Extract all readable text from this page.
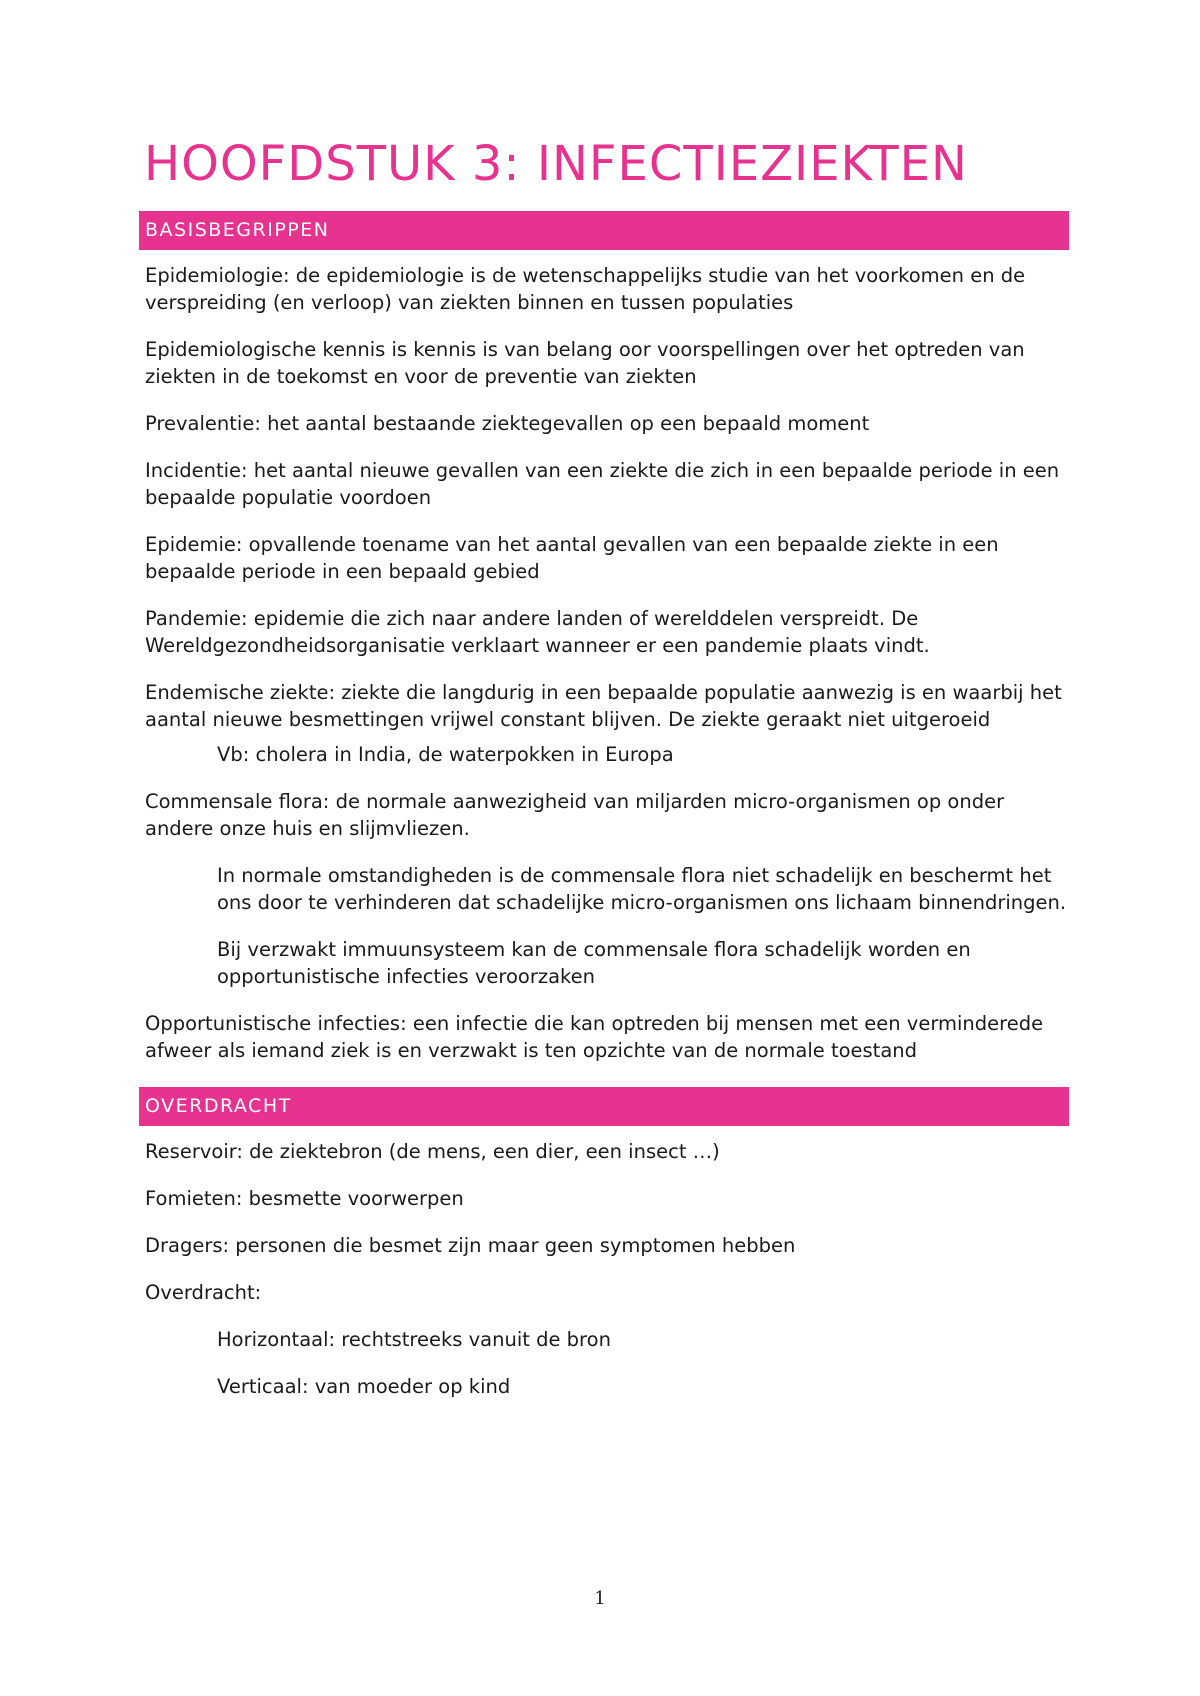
HOOFDSTUK 3: INFECTIEZIEKTEN
BASISBEGRIPPEN

Epidemiologie: de epidemiologie is de wetenschappelijks studie van het voorkomen en de verspreiding (en verloop) van ziekten binnen en tussen populaties

Epidemiologische kennis is kennis is van belang oor voorspellingen over het optreden van ziekten in de toekomst en voor de preventie van ziekten

Prevalentie: het aantal bestaande ziektegevallen op een bepaald moment

Incidentie: het aantal nieuwe gevallen van een ziekte die zich in een bepaalde periode in een bepaalde populatie voordoen

Epidemie: opvallende toename van het aantal gevallen van een bepaalde ziekte in een bepaalde periode in een bepaald gebied

Pandemie: epidemie die zich naar andere landen of werelddelen verspreidt. De Wereldgezondheidsorganisatie verklaart wanneer er een pandemie plaats vindt.

Endemische ziekte: ziekte die langdurig in een bepaalde populatie aanwezig is en waarbij het aantal nieuwe besmettingen vrijwel constant blijven. De ziekte geraakt niet uitgeroeid

Vb: cholera in India, de waterpokken in Europa

Commensale flora: de normale aanwezigheid van miljarden micro-organismen op onder andere onze huis en slijmvliezen.

In normale omstandigheden is de commensale flora niet schadelijk en beschermt het ons door te verhinderen dat schadelijke micro-organismen ons lichaam binnendringen.

Bij verzwakt immuunsysteem kan de commensale flora schadelijk worden en opportunistische infecties veroorzaken

Opportunistische infecties: een infectie die kan optreden bij mensen met een verminderede afweer als iemand ziek is en verzwakt is ten opzichte van de normale toestand

OVERDRACHT

Reservoir: de ziektebron (de mens, een dier, een insect …)

Fomieten: besmette voorwerpen

Dragers: personen die besmet zijn maar geen symptomen hebben

Overdracht:

Horizontaal: rechtstreeks vanuit de bron

Verticaal: van moeder op kind

1
